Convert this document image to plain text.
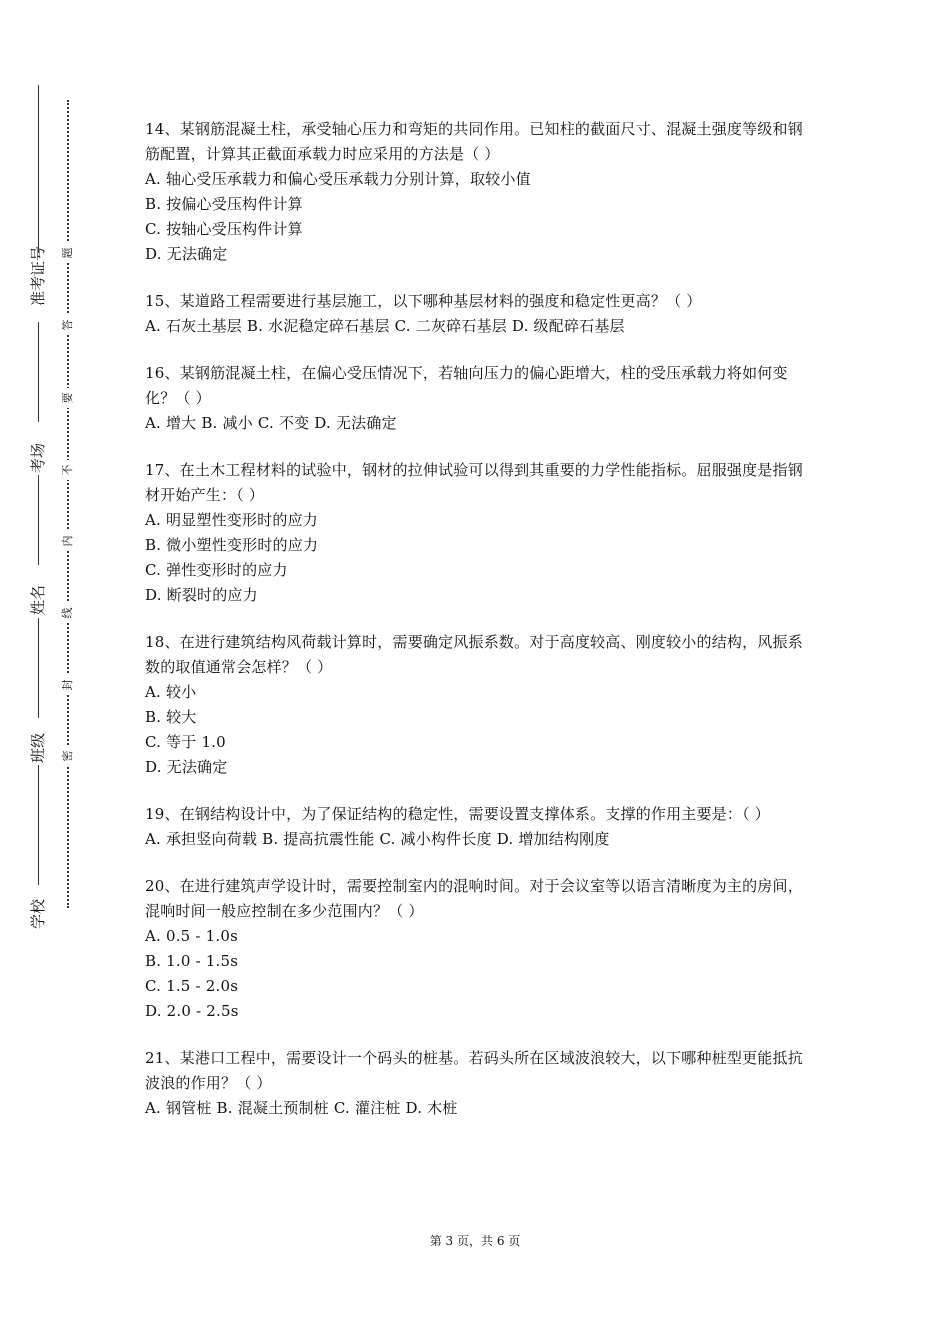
准考证号
考场
姓名
班级
学校
题
答
要
不
内
线
封
密

14、某钢筋混凝土柱，承受轴心压力和弯矩的共同作用。已知柱的截面尺寸、混凝土强度等级和钢筋配置，计算其正截面承载力时应采用的方法是（ ）

A. 轴心受压承载力和偏心受压承载力分别计算，取较小值

B. 按偏心受压构件计算

C. 按轴心受压构件计算

D. 无法确定

15、某道路工程需要进行基层施工，以下哪种基层材料的强度和稳定性更高？（ ）

A. 石灰土基层 B. 水泥稳定碎石基层 C. 二灰碎石基层 D. 级配碎石基层

16、某钢筋混凝土柱，在偏心受压情况下，若轴向压力的偏心距增大，柱的受压承载力将如何变化？（ ）

A. 增大 B. 减小 C. 不变 D. 无法确定

17、在土木工程材料的试验中，钢材的拉伸试验可以得到其重要的力学性能指标。屈服强度是指钢材开始产生：（ ）

A. 明显塑性变形时的应力

B. 微小塑性变形时的应力

C. 弹性变形时的应力

D. 断裂时的应力

18、在进行建筑结构风荷载计算时，需要确定风振系数。对于高度较高、刚度较小的结构，风振系数的取值通常会怎样？（ ）

A. 较小

B. 较大

C. 等于 1.0

D. 无法确定

19、在钢结构设计中，为了保证结构的稳定性，需要设置支撑体系。支撑的作用主要是：（ ）

A. 承担竖向荷载 B. 提高抗震性能 C. 减小构件长度 D. 增加结构刚度

20、在进行建筑声学设计时，需要控制室内的混响时间。对于会议室等以语言清晰度为主的房间，混响时间一般应控制在多少范围内？（ ）

A. 0.5 - 1.0s

B. 1.0 - 1.5s

C. 1.5 - 2.0s

D. 2.0 - 2.5s

21、某港口工程中，需要设计一个码头的桩基。若码头所在区域波浪较大，以下哪种桩型更能抵抗波浪的作用？（ ）

A. 钢管桩 B. 混凝土预制桩 C. 灌注桩 D. 木桩

第 3 页，共 6 页
